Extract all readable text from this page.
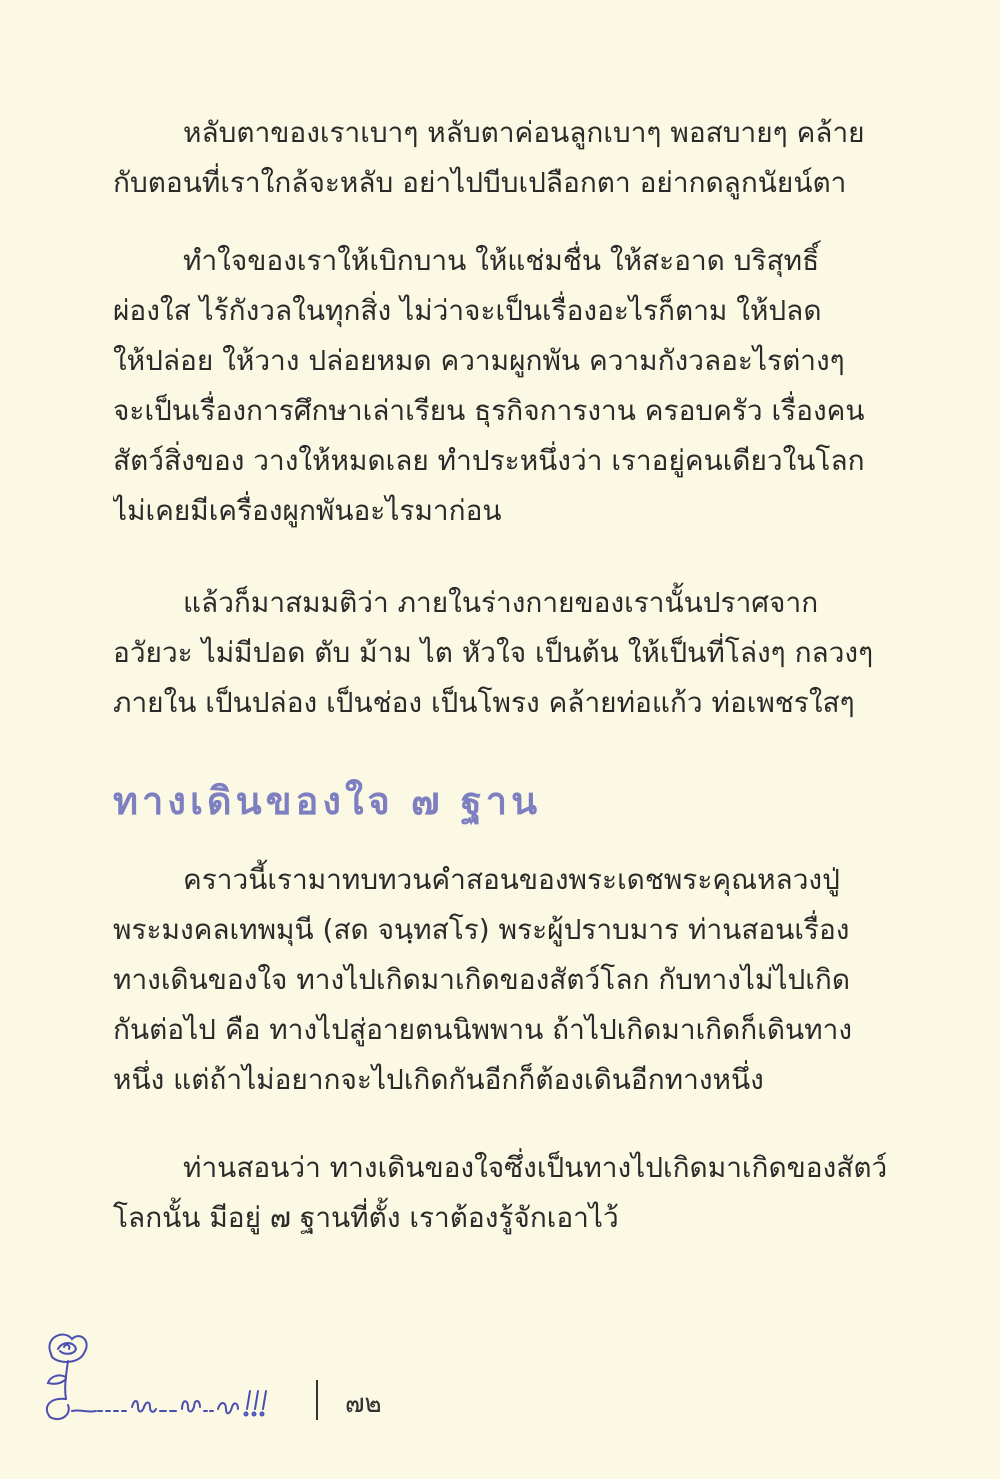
หลับตาของเราเบาๆ หลับตาค่อนลูกเบาๆ พอสบายๆ คล้าย
กับตอนที่เราใกล้จะหลับ อย่าไปบีบเปลือกตา อย่ากดลูกนัยน์ตา
ทำใจของเราให้เบิกบาน ให้แช่มชื่น ให้สะอาด บริสุทธิ์
ผ่องใส ไร้กังวลในทุกสิ่ง ไม่ว่าจะเป็นเรื่องอะไรก็ตาม ให้ปลด
ให้ปล่อย ให้วาง ปล่อยหมด ความผูกพัน ความกังวลอะไรต่างๆ
จะเป็นเรื่องการศึกษาเล่าเรียน ธุรกิจการงาน ครอบครัว เรื่องคน
สัตว์สิ่งของ วางให้หมดเลย ทำประหนึ่งว่า เราอยู่คนเดียวในโลก
ไม่เคยมีเครื่องผูกพันอะไรมาก่อน
แล้วก็มาสมมติว่า ภายในร่างกายของเรานั้นปราศจาก
อวัยวะ ไม่มีปอด ตับ ม้าม ไต หัวใจ เป็นต้น ให้เป็นที่โล่งๆ กลวงๆ
ภายใน เป็นปล่อง เป็นช่อง เป็นโพรง คล้ายท่อแก้ว ท่อเพชรใสๆ
ทางเดินของใจ ๗ ฐาน
คราวนี้เรามาทบทวนคำสอนของพระเดชพระคุณหลวงปู่
พระมงคลเทพมุนี (สด จนฺทสโร) พระผู้ปราบมาร ท่านสอนเรื่อง
ทางเดินของใจ ทางไปเกิดมาเกิดของสัตว์โลก กับทางไม่ไปเกิด
กันต่อไป คือ ทางไปสู่อายตนนิพพาน ถ้าไปเกิดมาเกิดก็เดินทาง
หนึ่ง แต่ถ้าไม่อยากจะไปเกิดกันอีกก็ต้องเดินอีกทางหนึ่ง
ท่านสอนว่า ทางเดินของใจซึ่งเป็นทางไปเกิดมาเกิดของสัตว์
โลกนั้น มีอยู่ ๗ ฐานที่ตั้ง เราต้องรู้จักเอาไว้
๗๒
